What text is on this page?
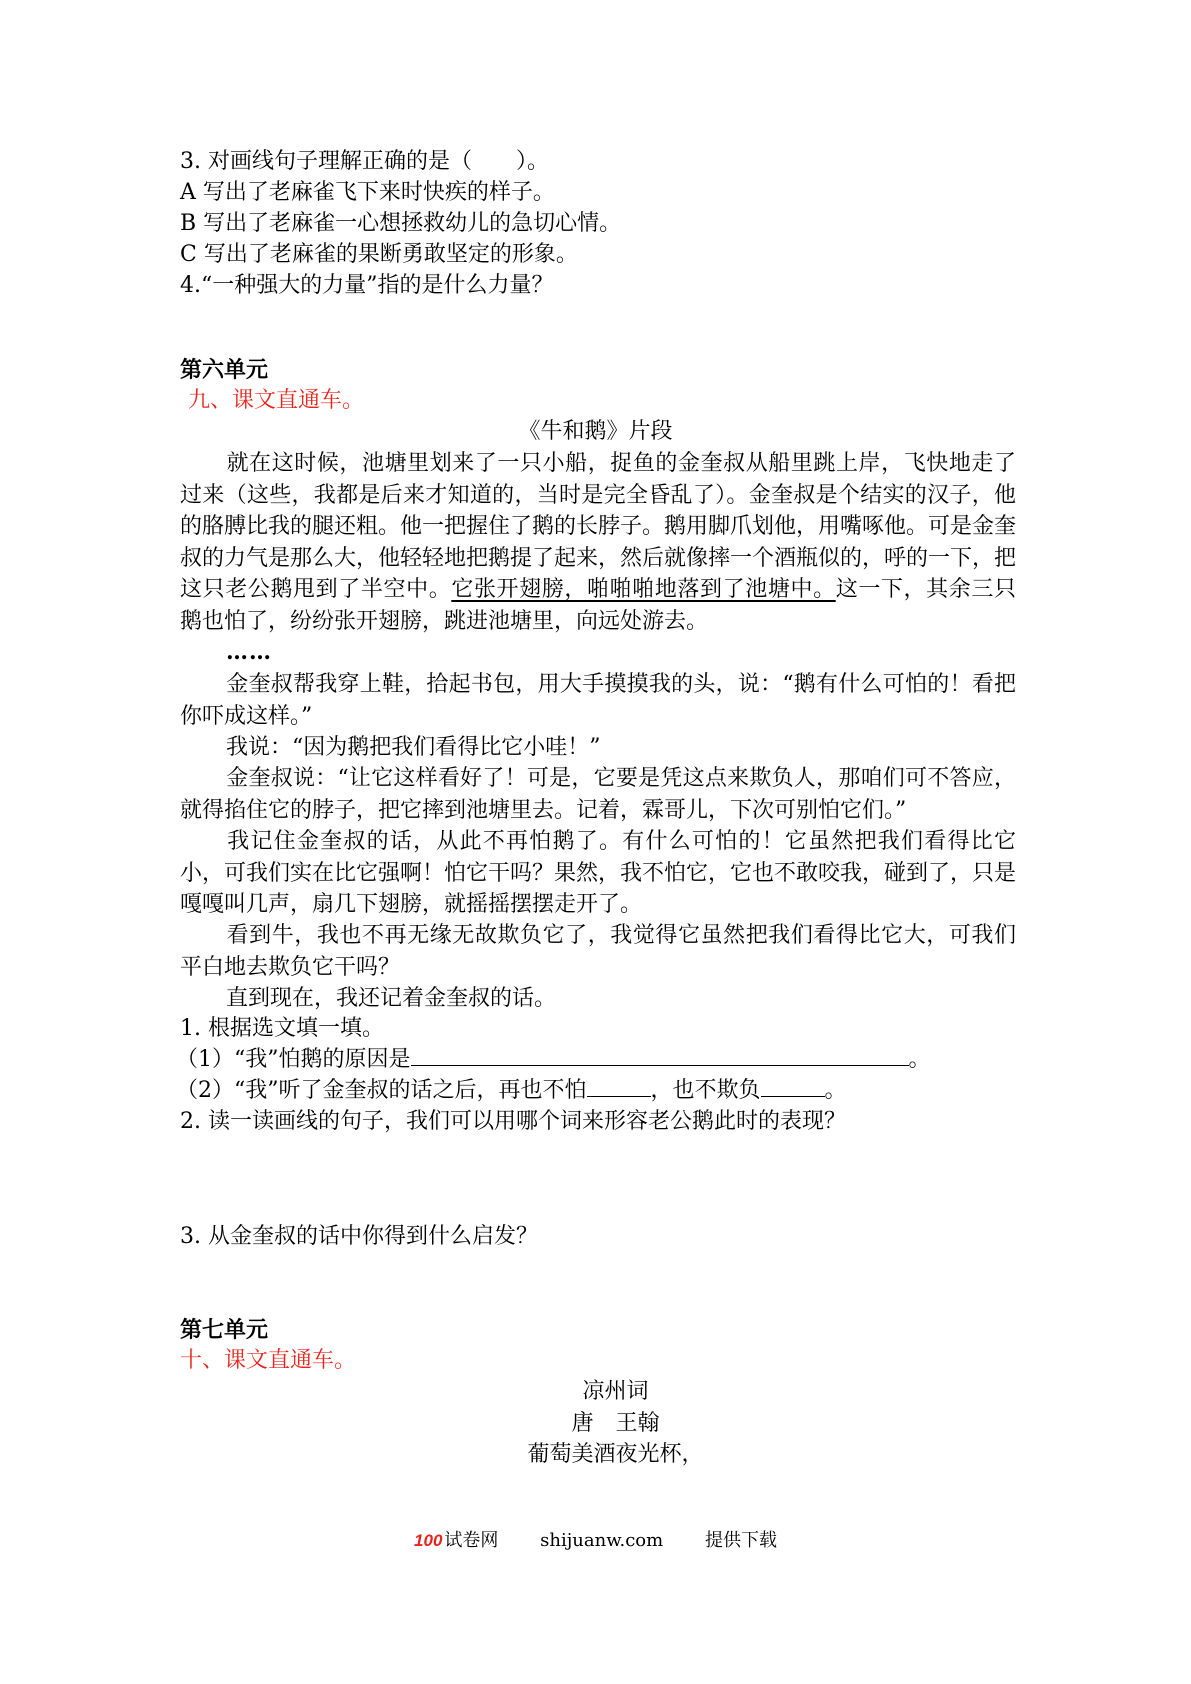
3. 对画线句子理解正确的是（　　）。
A 写出了老麻雀飞下来时快疾的样子。
B 写出了老麻雀一心想拯救幼儿的急切心情。
C 写出了老麻雀的果断勇敢坚定的形象。
4.“一种强大的力量”指的是什么力量？
第六单元
九、课文直通车。
《牛和鹅》片段
就在这时候，池塘里划来了一只小船，捉鱼的金奎叔从船里跳上岸，飞快地走了过来（这些，我都是后来才知道的，当时是完全昏乱了）。金奎叔是个结实的汉子，他的胳膊比我的腿还粗。他一把握住了鹅的长脖子。鹅用脚爪划他，用嘴啄他。可是金奎叔的力气是那么大，他轻轻地把鹅提了起来，然后就像摔一个酒瓶似的，呼的一下，把这只老公鹅甩到了半空中。它张开翅膀，啪啪啪地落到了池塘中。这一下，其余三只鹅也怕了，纷纷张开翅膀，跳进池塘里，向远处游去。
……
金奎叔帮我穿上鞋，拾起书包，用大手摸摸我的头，说：“鹅有什么可怕的！看把你吓成这样。”
我说：“因为鹅把我们看得比它小哇！”
金奎叔说：“让它这样看好了！可是，它要是凭这点来欺负人，那咱们可不答应，就得掐住它的脖子，把它摔到池塘里去。记着，霖哥儿，下次可别怕它们。”
我记住金奎叔的话，从此不再怕鹅了。有什么可怕的！它虽然把我们看得比它小，可我们实在比它强啊！怕它干吗？果然，我不怕它，它也不敢咬我，碰到了，只是嘎嘎叫几声，扇几下翅膀，就摇摇摆摆走开了。
看到牛，我也不再无缘无故欺负它了，我觉得它虽然把我们看得比它大，可我们平白地去欺负它干吗？
直到现在，我还记着金奎叔的话。
1. 根据选文填一填。
（1）“我”怕鹅的原因是	。
（2）“我”听了金奎叔的话之后，再也不怕	，也不欺负	。
2. 读一读画线的句子，我们可以用哪个词来形容老公鹅此时的表现？
3. 从金奎叔的话中你得到什么启发？
第七单元
十、课文直通车。
凉州词
唐　王翰
葡萄美酒夜光杯，
100 试卷网 shijuanw.com 提供下载
